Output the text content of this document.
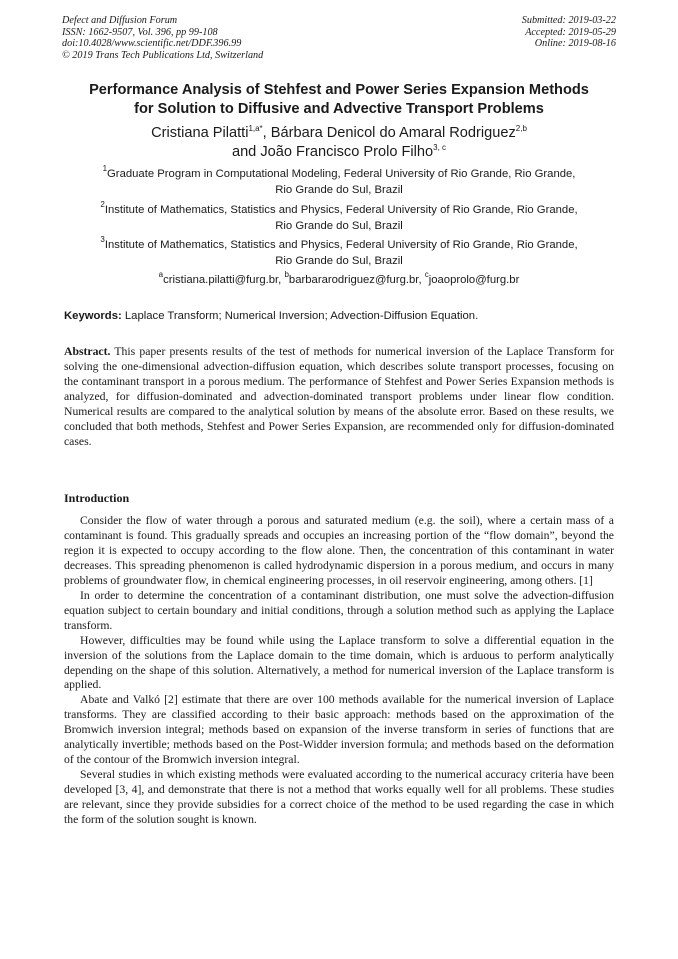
Defect and Diffusion Forum
ISSN: 1662-9507, Vol. 396, pp 99-108
doi:10.4028/www.scientific.net/DDF.396.99
© 2019 Trans Tech Publications Ltd, Switzerland
Submitted: 2019-03-22
Accepted: 2019-05-29
Online: 2019-08-16
Performance Analysis of Stehfest and Power Series Expansion Methods
for Solution to Diffusive and Advective Transport Problems
Cristiana Pilatti$^{1,a*}$, Bárbara Denicol do Amaral Rodriguez$^{2,b}$
and João Francisco Prolo Filho$^{3, c}$
$^1$Graduate Program in Computational Modeling, Federal University of Rio Grande, Rio Grande,
Rio Grande do Sul, Brazil
$^2$Institute of Mathematics, Statistics and Physics, Federal University of Rio Grande, Rio Grande,
Rio Grande do Sul, Brazil
$^3$Institute of Mathematics, Statistics and Physics, Federal University of Rio Grande, Rio Grande,
Rio Grande do Sul, Brazil
$^a$cristiana.pilatti@furg.br, $^b$barbararodriguez@furg.br, $^c$joaoprolo@furg.br
Keywords: Laplace Transform; Numerical Inversion; Advection-Diffusion Equation.
Abstract. This paper presents results of the test of methods for numerical inversion of the Laplace Transform for solving the one-dimensional advection-diffusion equation, which describes solute transport processes, focusing on the contaminant transport in a porous medium. The performance of Stehfest and Power Series Expansion methods is analyzed, for diffusion-dominated and advection-dominated transport problems under linear flow condition. Numerical results are compared to the analytical solution by means of the absolute error. Based on these results, we concluded that both methods, Stehfest and Power Series Expansion, are recommended only for diffusion-dominated cases.
Introduction

Consider the flow of water through a porous and saturated medium (e.g. the soil), where a certain mass of a contaminant is found. This gradually spreads and occupies an increasing portion of the “flow domain”, beyond the region it is expected to occupy according to the flow alone. Then, the concentration of this contaminant in water decreases. This spreading phenomenon is called hydrodynamic dispersion in a porous medium, and occurs in many problems of groundwater flow, in chemical engineering processes, in oil reservoir engineering, among others. [1]

In order to determine the concentration of a contaminant distribution, one must solve the advection-diffusion equation subject to certain boundary and initial conditions, through a solution method such as applying the Laplace transform.

However, difficulties may be found while using the Laplace transform to solve a differential equation in the inversion of the solutions from the Laplace domain to the time domain, which is arduous to perform analytically depending on the shape of this solution. Alternatively, a method for numerical inversion of the Laplace transform is applied.

Abate and Valkó [2] estimate that there are over 100 methods available for the numerical inversion of Laplace transforms. They are classified according to their basic approach: methods based on the approximation of the Bromwich inversion integral; methods based on expansion of the inverse transform in series of functions that are analytically invertible; methods based on the Post-Widder inversion formula; and methods based on the deformation of the contour of the Bromwich inversion integral.

Several studies in which existing methods were evaluated according to the numerical accuracy criteria have been developed [3, 4], and demonstrate that there is not a method that works equally well for all problems. These studies are relevant, since they provide subsidies for a correct choice of the method to be used regarding the case in which the form of the solution sought is known.
